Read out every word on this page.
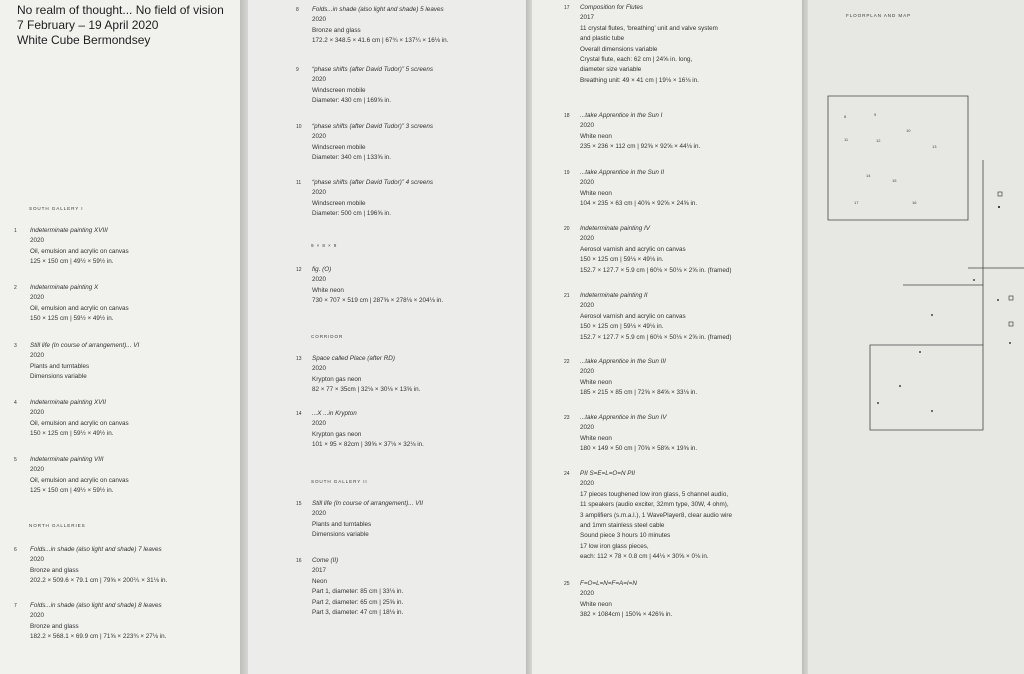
No realm of thought... No field of vision
7 February – 19 April 2020
White Cube Bermondsey
SOUTH GALLERY I
1 Indeterminate painting XVIII
2020
Oil, emulsion and acrylic on canvas
125 × 150 cm | 49½ × 59½ in.
2 Indeterminate painting X
2020
Oil, emulsion and acrylic on canvas
150 × 125 cm | 59½ × 49½ in.
3 Still life (In course of arrangement)... VI
2020
Plants and turntables
Dimensions variable
4 Indeterminate painting XVII
2020
Oil, emulsion and acrylic on canvas
150 × 125 cm | 59½ × 49½ in.
5 Indeterminate painting VIII
2020
Oil, emulsion and acrylic on canvas
125 × 150 cm | 49½ × 59½ in.
NORTH GALLERIES
6 Folds...in shade (also light and shade) 7 leaves
2020
Bronze and glass
202.2 × 509.6 × 79.1 cm | 79⅝ × 200⅖ × 31⅛ in.
7 Folds...in shade (also light and shade) 8 leaves
2020
Bronze and glass
182.2 × 568.1 × 69.9 cm | 71⅝ × 223¾ × 27⅛ in.
8 Folds...in shade (also light and shade) 5 leaves
2020
Bronze and glass
172.2 × 348.5 × 41.6 cm | 67¾ × 137¼ × 16⅛ in.
9 “phase shifts (after David Tudor)” 5 screens
2020
Windscreen mobile
Diameter: 430 cm | 169⅝ in.
10 “phase shifts (after David Tudor)” 3 screens
2020
Windscreen mobile
Diameter: 340 cm | 133⅝ in.
11 “phase shifts (after David Tudor)” 4 screens
2020
Windscreen mobile
Diameter: 500 cm | 196⅝ in.
9 × 8 × 9
12 fig. (O)
2020
White neon
730 × 707 × 519 cm | 287⅝ × 278⅛ × 204⅛ in.
CORRIDOR
13 Space called Place (after RD)
2020
Krypton gas neon
82 × 77 × 35cm | 32⅛ × 30⅛ × 13⅝ in.
14 ...X ...in Krypton
2020
Krypton gas neon
101 × 95 × 82cm | 39⅝ × 37⅛ × 32⅛ in.
SOUTH GALLERY II
15 Still life (In course of arrangement)... VII
2020
Plants and turntables
Dimensions variable
16 Come (II)
2017
Neon
Part 1, diameter: 85 cm | 33⅛ in.
Part 2, diameter: 65 cm | 25⅝ in.
Part 3, diameter: 47 cm | 18⅛ in.
17 Composition for Flutes
2017
11 crystal flutes, ‘breathing’ unit and valve system
and plastic tube
Overall dimensions variable
Crystal flute, each: 62 cm | 24⅝ in. long,
diameter size variable
Breathing unit: 49 × 41 cm | 19⅛ × 16⅛ in.
18 ...take Apprentice in the Sun I
2020
White neon
235 × 236 × 112 cm | 92⅝ × 92⅝ × 44⅛ in.
19 ...take Apprentice in the Sun II
2020
White neon
104 × 235 × 63 cm | 40⅝ × 92⅝ × 24⅝ in.
20 Indeterminate painting IV
2020
Aerosol varnish and acrylic on canvas
150 × 125 cm | 59⅛ × 49⅛ in.
152.7 × 127.7 × 5.9 cm | 60⅛ × 50⅛ × 2⅝ in. (framed)
21 Indeterminate painting II
2020
Aerosol varnish and acrylic on canvas
150 × 125 cm | 59⅛ × 49⅛ in.
152.7 × 127.7 × 5.9 cm | 60⅛ × 50⅛ × 2⅝ in. (framed)
22 ...take Apprentice in the Sun III
2020
White neon
185 × 215 × 85 cm | 72⅝ × 84⅝ × 33⅛ in.
23 ...take Apprentice in the Sun IV
2020
White neon
180 × 149 × 50 cm | 70⅝ × 58⅝ × 19⅝ in.
24 PII S=E=L=O=N PII
2020
17 pieces toughened low iron glass, 5 channel audio,
11 speakers (audio exciter, 32mm type, 30W, 4 ohm),
3 amplifiers (s.m.a.l.), 1 WavePlayer8, clear audio wire
and 1mm stainless steel cable
Sound piece 3 hours 10 minutes
17 low iron glass pieces,
each: 112 × 78 × 0.8 cm | 44⅛ × 30⅝ × 0⅛ in.
25 F=O=L=N=F=A=I=N
2020
White neon
382 × 1084cm | 150⅝ × 426⅝ in.
FLOORPLAN AND MAP
8	9
10
11	12
13
14
15
16
17
